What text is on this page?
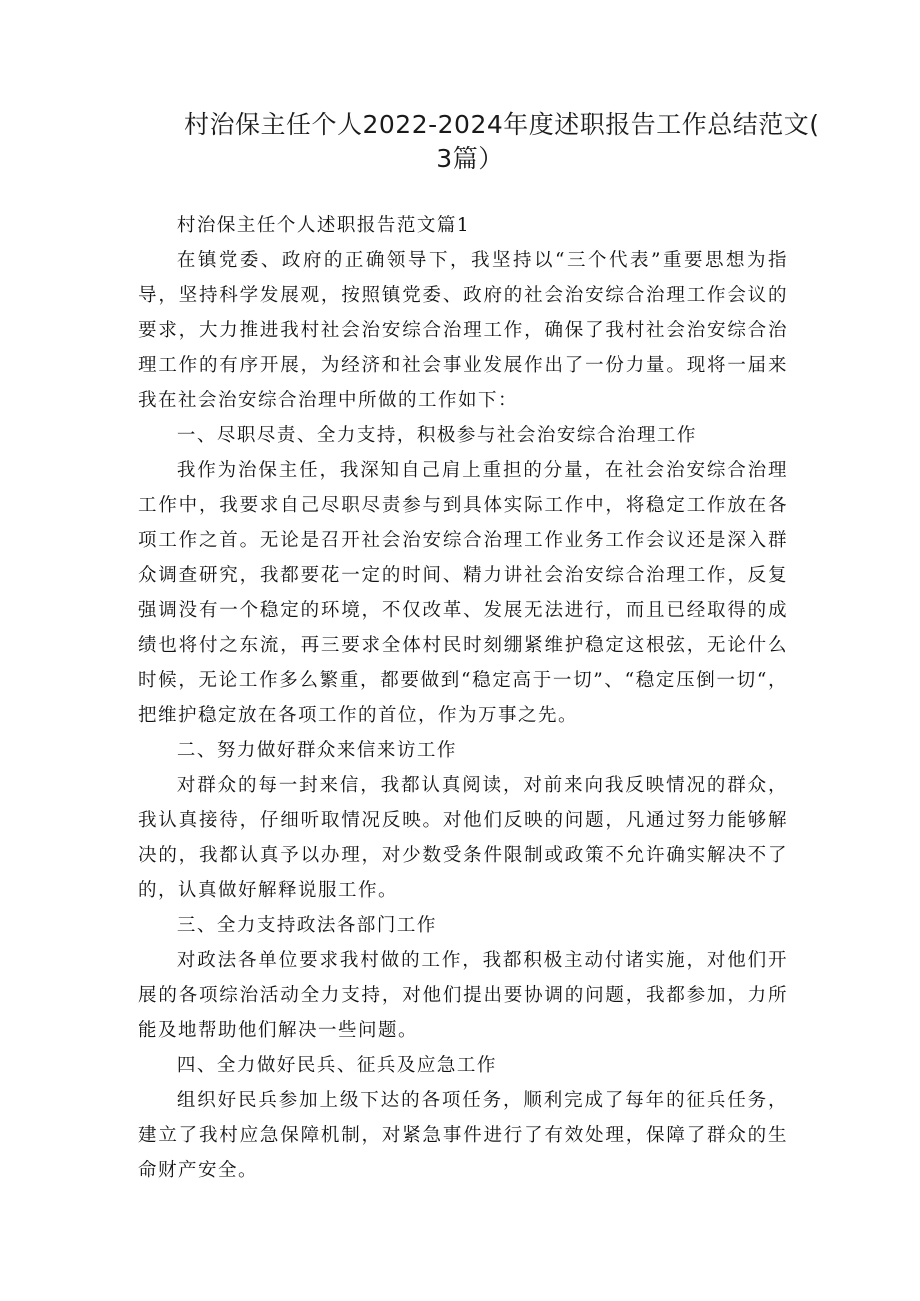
村治保主任个人2022-2024年度述职报告工作总结范文(
3篇）

村治保主任个人述职报告范文篇1

在镇党委、政府的正确领导下，我坚持以“三个代表”重要思想为指导，坚持科学发展观，按照镇党委、政府的社会治安综合治理工作会议的要求，大力推进我村社会治安综合治理工作，确保了我村社会治安综合治理工作的有序开展，为经济和社会事业发展作出了一份力量。现将一届来我在社会治安综合治理中所做的工作如下：

一、尽职尽责、全力支持，积极参与社会治安综合治理工作

我作为治保主任，我深知自己肩上重担的分量，在社会治安综合治理工作中，我要求自己尽职尽责参与到具体实际工作中，将稳定工作放在各项工作之首。无论是召开社会治安综合治理工作业务工作会议还是深入群众调查研究，我都要花一定的时间、精力讲社会治安综合治理工作，反复强调没有一个稳定的环境，不仅改革、发展无法进行，而且已经取得的成绩也将付之东流，再三要求全体村民时刻绷紧维护稳定这根弦，无论什么时候，无论工作多么繁重，都要做到“稳定高于一切”、“稳定压倒一切“，把维护稳定放在各项工作的首位，作为万事之先。

二、努力做好群众来信来访工作

对群众的每一封来信，我都认真阅读，对前来向我反映情况的群众，我认真接待，仔细听取情况反映。对他们反映的问题，凡通过努力能够解决的，我都认真予以办理，对少数受条件限制或政策不允许确实解决不了的，认真做好解释说服工作。

三、全力支持政法各部门工作

对政法各单位要求我村做的工作，我都积极主动付诸实施，对他们开展的各项综治活动全力支持，对他们提出要协调的问题，我都参加，力所能及地帮助他们解决一些问题。

四、全力做好民兵、征兵及应急工作

组织好民兵参加上级下达的各项任务，顺利完成了每年的征兵任务，建立了我村应急保障机制，对紧急事件进行了有效处理，保障了群众的生命财产安全。
